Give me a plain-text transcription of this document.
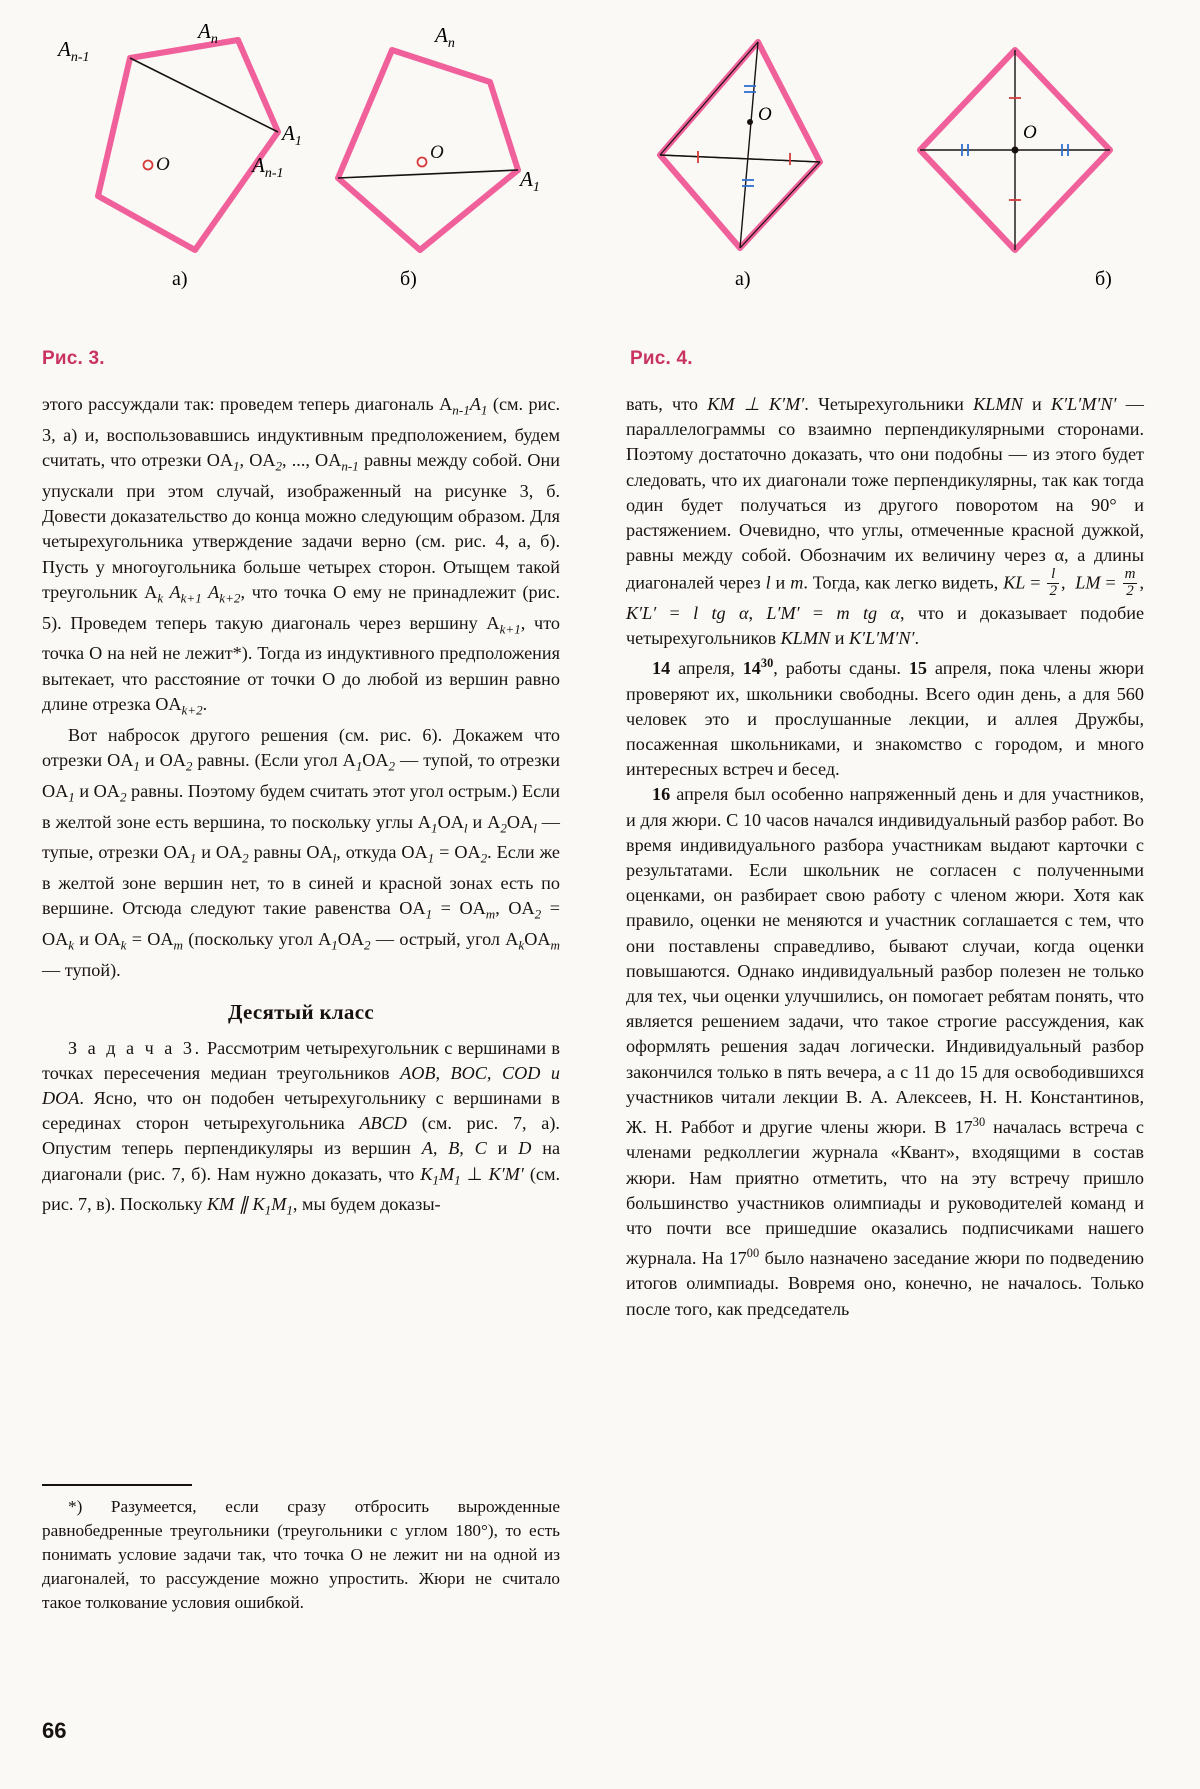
O
$A_{n-1}$
$A_n$
$A_1$
а)
O
$A_n$
$A_{n-1}$	$A_1$
б)
O
а)
O
б)
Рис. 3.	Рис. 4.

этого рассуждали так: проведем теперь диагональ $A_{n-1}A_1$ (см. рис. 3, а) и, воспользовавшись индуктивным предположением, будем считать, что отрезки $OA_1$, $OA_2$, ..., $OA_{n-1}$ равны между собой. Они упускали при этом случай, изображенный на рисунке 3, б. Довести доказательство до конца можно следующим образом. Для четырехугольника утверждение задачи верно (см. рис. 4, а, б). Пусть у многоугольника больше четырех сторон. Отыщем такой треугольник $A_k$ $A_{k+1}$ $A_{k+2}$, что точка O ему не принадлежит (рис. 5). Проведем теперь такую диагональ через вершину $A_{k+1}$, что точка O на ней не лежит*). Тогда из индуктивного предположения вытекает, что расстояние от точки O до любой из вершин равно длине отрезка $OA_{k+2}$.

Вот набросок другого решения (см. рис. 6). Докажем что отрезки $OA_1$ и $OA_2$ равны. (Если угол $A_1OA_2$ — тупой, то отрезки $OA_1$ и $OA_2$ равны. Поэтому будем считать этот угол острым.) Если в желтой зоне есть вершина, то поскольку углы $A_1OA_l$ и $A_2OA_l$ — тупые, отрезки $OA_1$ и $OA_2$ равны $OA_l$, откуда $OA_1 = OA_2$. Если же в желтой зоне вершин нет, то в синей и красной зонах есть по вершине. Отсюда следуют такие равенства $OA_1 = OA_m$, $OA_2 = OA_k$ и $OA_k = OA_m$ (поскольку угол $A_1OA_2$ — острый, угол $A_kOA_m$ — тупой).

Десятый класс

З а д а ч а 3. Рассмотрим четырехугольник с вершинами в точках пересечения медиан треугольников AOB, BOC, COD и DOA. Ясно, что он подобен четырехугольнику с вершинами в серединах сторон четырехугольника ABCD (см. рис. 7, а). Опустим теперь перпендикуляры из вершин A, B, C и D на диагонали (рис. 7, б). Нам нужно доказать, что $K_1M_1$ ⊥ K′M′ (см. рис. 7, в). Поскольку KM ∥ $K_1M_1$, мы будем доказы-

вать, что KM ⊥ K′M′. Четырехугольники KLMN и K′L′M′N′ — параллелограммы со взаимно перпендикулярными сторонами. Поэтому достаточно доказать, что они подобны — из этого будет следовать, что их диагонали тоже перпендикулярны, так как тогда один будет получаться из другого поворотом на 90° и растяжением. Очевидно, что углы, отмеченные красной дужкой, равны между собой. Обозначим их величину через α, а длины диагоналей через l и m. Тогда, как легко видеть, KL = $\frac{l}{2}$ ,  LM = $\frac{m}{2}$ , K′L′ = l tg α, L′M′ = m tg α, что и доказывает подобие четырехугольников KLMN и K′L′M′N′.

14 апреля, $14^{30}$, работы сданы. 15 апреля, пока члены жюри проверяют их, школьники свободны. Всего один день, а для 560 человек это и прослушанные лекции, и аллея Дружбы, посаженная школьниками, и знакомство с городом, и много интересных встреч и бесед.

16 апреля был особенно напряженный день и для участников, и для жюри. С 10 часов начался индивидуальный разбор работ. Во время индивидуального разбора участникам выдают карточки с результатами. Если школьник не согласен с полученными оценками, он разбирает свою работу с членом жюри. Хотя как правило, оценки не меняются и участник соглашается с тем, что они поставлены справедливо, бывают случаи, когда оценки повышаются. Однако индивидуальный разбор полезен не только для тех, чьи оценки улучшились, он помогает ребятам понять, что является решением задачи, что такое строгие рассуждения, как оформлять решения задач логически. Индивидуальный разбор закончился только в пять вечера, а с 11 до 15 для освободившихся участников читали лекции В. А. Алексеев, Н. Н. Константинов, Ж. Н. Раббот и другие члены жюри. В $17^{30}$ началась встреча с членами редколлегии журнала «Квант», входящими в состав жюри. Нам приятно отметить, что на эту встречу пришло большинство участников олимпиады и руководителей команд и что почти все пришедшие оказались подписчиками нашего журнала. На $17^{00}$ было назначено заседание жюри по подведению итогов олимпиады. Вовремя оно, конечно, не началось. Только после того, как председатель

*) Разумеется, если сразу отбросить вырожденные равнобедренные треугольники (треугольники с углом 180°), то есть понимать условие задачи так, что точка O не лежит ни на одной из диагоналей, то рассуждение можно упростить. Жюри не считало такое толкование условия ошибкой.

66
